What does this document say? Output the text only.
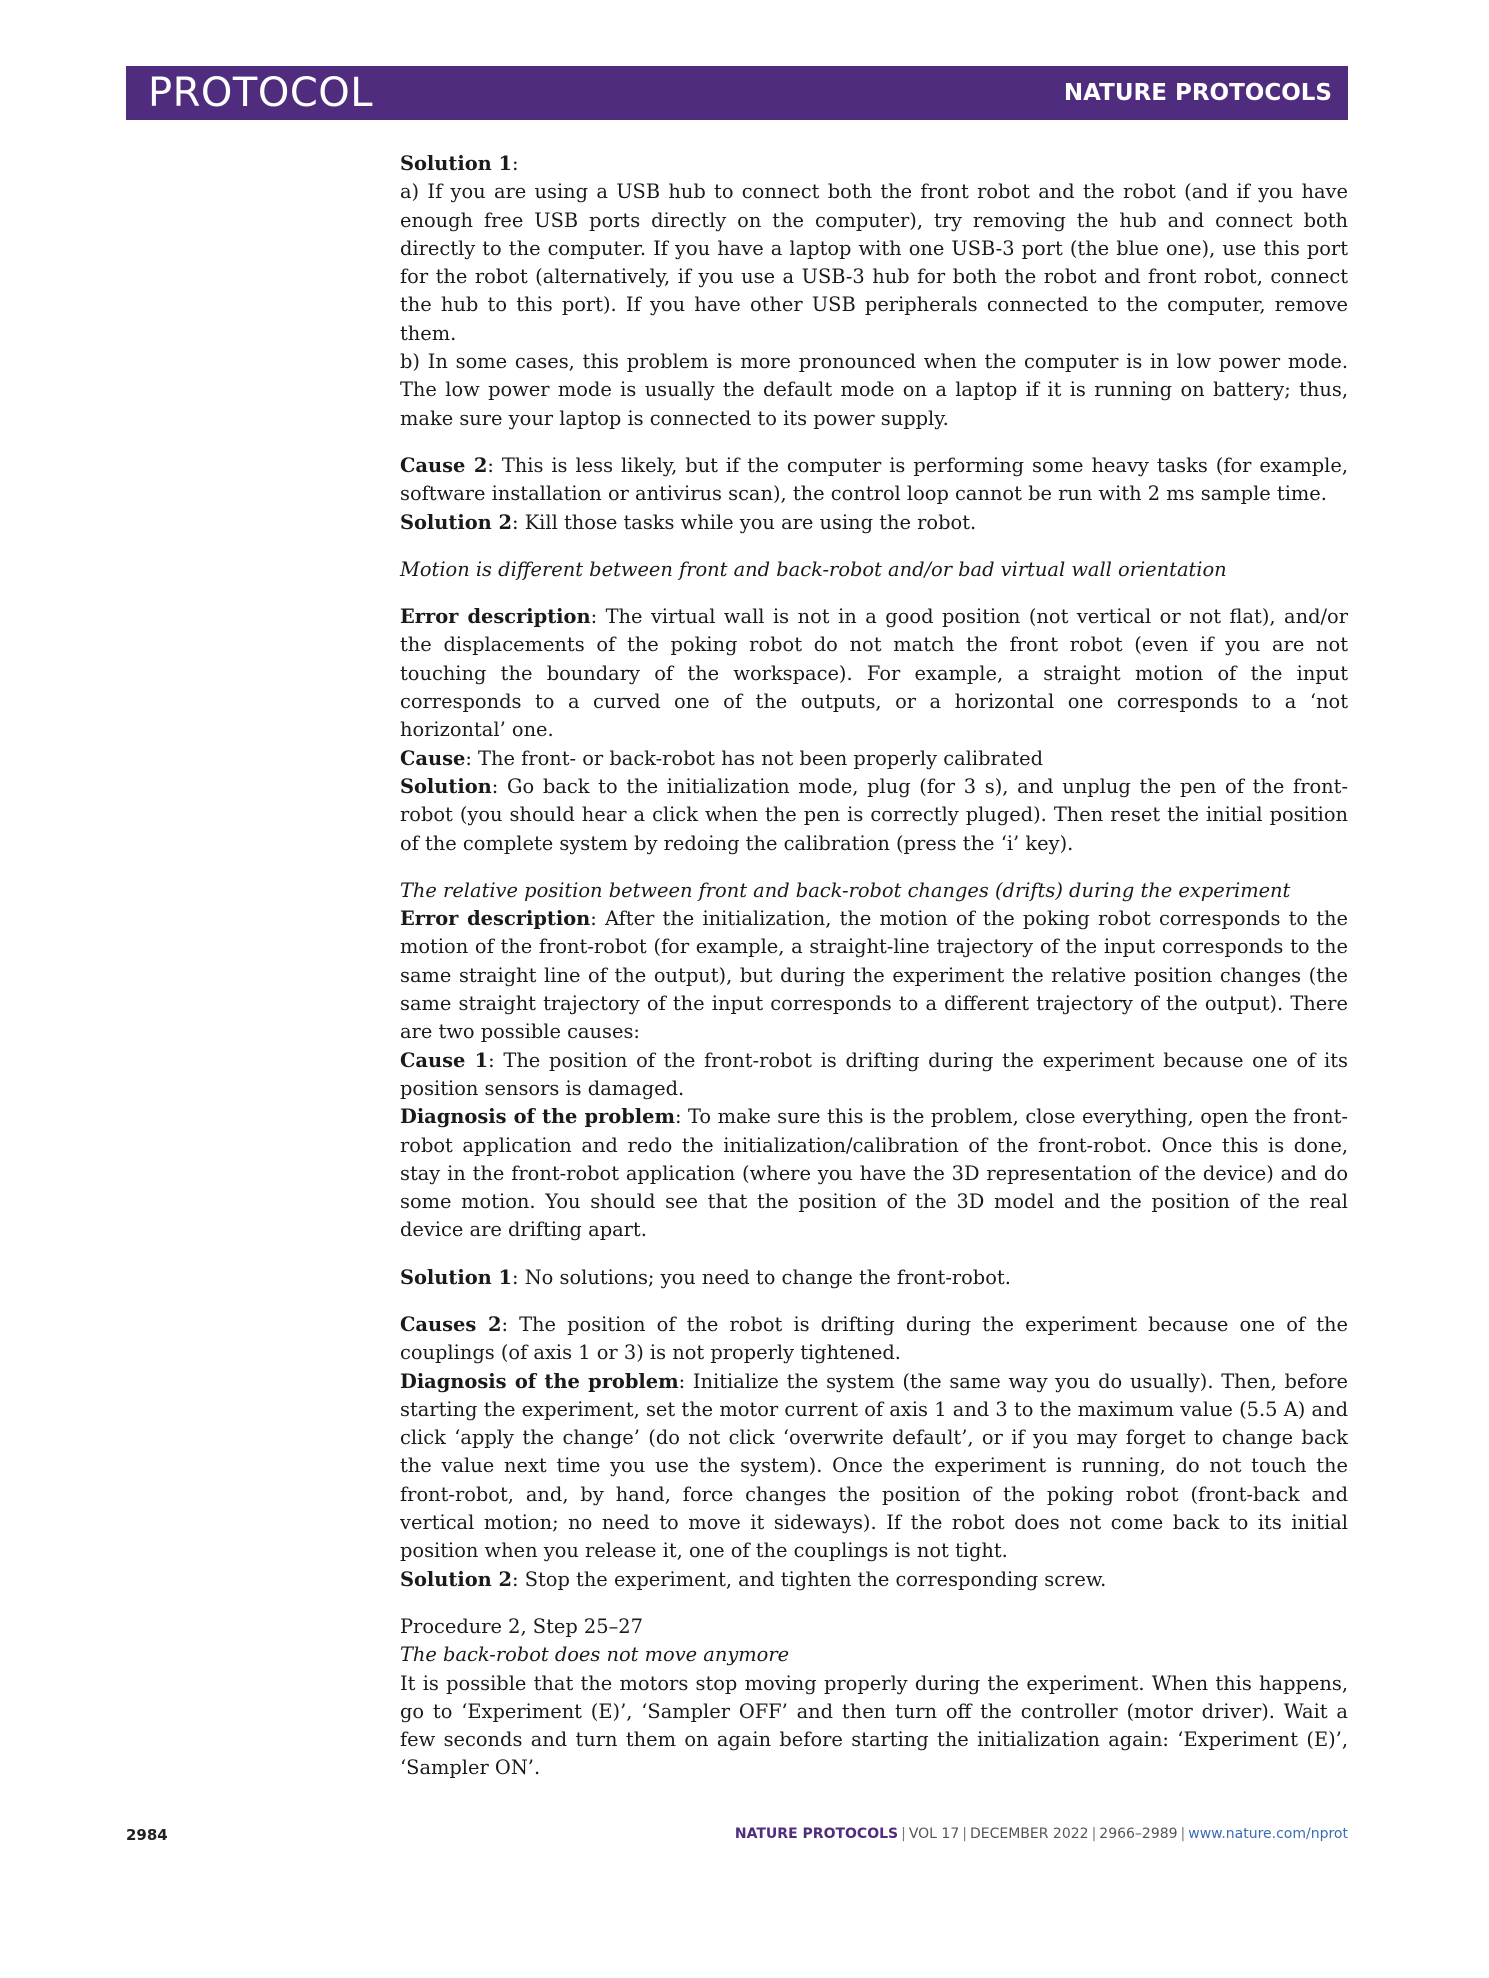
PROTOCOL	NATURE PROTOCOLS

Solution 1:

a) If you are using a USB hub to connect both the front robot and the robot (and if you have enough free USB ports directly on the computer), try removing the hub and connect both directly to the computer. If you have a laptop with one USB-3 port (the blue one), use this port for the robot (alternatively, if you use a USB-3 hub for both the robot and front robot, connect the hub to this port). If you have other USB peripherals connected to the computer, remove them.

b) In some cases, this problem is more pronounced when the computer is in low power mode. The low power mode is usually the default mode on a laptop if it is running on battery; thus, make sure your laptop is connected to its power supply.

Cause 2: This is less likely, but if the computer is performing some heavy tasks (for example, software installation or antivirus scan), the control loop cannot be run with 2 ms sample time.

Solution 2: Kill those tasks while you are using the robot.

Motion is different between front and back-robot and/or bad virtual wall orientation

Error description: The virtual wall is not in a good position (not vertical or not flat), and/or the displacements of the poking robot do not match the front robot (even if you are not touching the boundary of the workspace). For example, a straight motion of the input corresponds to a curved one of the outputs, or a horizontal one corresponds to a ‘not horizontal’ one.

Cause: The front- or back-robot has not been properly calibrated

Solution: Go back to the initialization mode, plug (for 3 s), and unplug the pen of the front-robot (you should hear a click when the pen is correctly pluged). Then reset the initial position of the complete system by redoing the calibration (press the ‘i’ key).

The relative position between front and back-robot changes (drifts) during the experiment

Error description: After the initialization, the motion of the poking robot corresponds to the motion of the front-robot (for example, a straight-line trajectory of the input corresponds to the same straight line of the output), but during the experiment the relative position changes (the same straight trajectory of the input corresponds to a different trajectory of the output). There are two possible causes:

Cause 1: The position of the front-robot is drifting during the experiment because one of its position sensors is damaged.

Diagnosis of the problem: To make sure this is the problem, close everything, open the front-robot application and redo the initialization/calibration of the front-robot. Once this is done, stay in the front-robot application (where you have the 3D representation of the device) and do some motion. You should see that the position of the 3D model and the position of the real device are drifting apart.

Solution 1: No solutions; you need to change the front-robot.

Causes 2: The position of the robot is drifting during the experiment because one of the couplings (of axis 1 or 3) is not properly tightened.

Diagnosis of the problem: Initialize the system (the same way you do usually). Then, before starting the experiment, set the motor current of axis 1 and 3 to the maximum value (5.5 A) and click ‘apply the change’ (do not click ‘overwrite default’, or if you may forget to change back the value next time you use the system). Once the experiment is running, do not touch the front-robot, and, by hand, force changes the position of the poking robot (front-back and vertical motion; no need to move it sideways). If the robot does not come back to its initial position when you release it, one of the couplings is not tight.

Solution 2: Stop the experiment, and tighten the corresponding screw.

Procedure 2, Step 25–27

The back-robot does not move anymore

It is possible that the motors stop moving properly during the experiment. When this happens, go to ‘Experiment (E)’, ‘Sampler OFF’ and then turn off the controller (motor driver). Wait a few seconds and turn them on again before starting the initialization again: ‘Experiment (E)’, ‘Sampler ON’.

2984	NATURE PROTOCOLS | VOL 17 | DECEMBER 2022 | 2966–2989 | www.nature.com/nprot
